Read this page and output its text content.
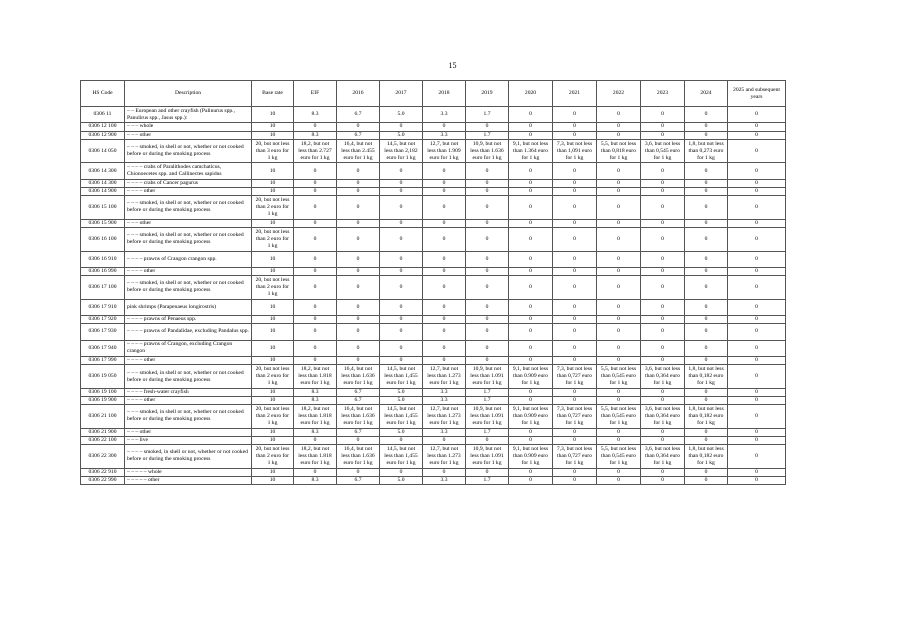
15
HS Code	Description	Base rate	EIF	2016	2017	2018	2019	2020	2021	2022	2023	2024	2025 and subsequent years
0306 11	– – European and other crayfish (Palinurus spp., Panulirus spp., Jasus spp.):	10	8.3	6.7	5.0	3.3	1.7	0	0	0	0	0	0
0306 12 100	– – – whole	10	0	0	0	0	0	0	0	0	0	0	0
0306 12 900	– – – other	10	8.3	6.7	5.0	3.3	1.7	0	0	0	0	0	0
0306 14 050	– – – smoked, in shell or not, whether or not cooked before or during the smoking process	20, but not less than 3 euro for 1 kg	18,2, but not less than 2.727 euro for 1 kg	16,4, but not less than 2.455 euro for 1 kg	14,5, but not less than 2,182 euro for 1 kg	12,7, but not less than 1.909 euro for 1 kg	10,9, but not less than 1.636 euro for 1 kg	9,1, but not less than 1.364 euro for 1 kg	7,3, but not less than 1,091 euro for 1 kg	5,5, but not less than 0,818 euro for 1 kg	3,6, but not less than 0,545 euro for 1 kg	1,8, but not less than 0,273 euro for 1 kg	0
0306 14 300	– – – – crabs of Paralithodes camchaticus, Chionoecetes spp. and Callinectes sapidus	10	0	0	0	0	0	0	0	0	0	0	0
0306 14 300	– – – – crabs of Cancer pagurus	10	0	0	0	0	0	0	0	0	0	0	0
0306 14 900	– – – – other	10	0	0	0	0	0	0	0	0	0	0	0
0306 15 100	– – – smoked, in shell or not, whether or not cooked before or during the smoking process	20, but not less than 2 euro for 1 kg	0	0	0	0	0	0	0	0	0	0	0
0306 15 900	– – – other	10	0	0	0	0	0	0	0	0	0	0	0
0306 16 100	– – – smoked, in shell or not, whether or not cooked before or during the smoking process	20, but not less than 2 euro for 1 kg	0	0	0	0	0	0	0	0	0	0	0
0306 16 910	– – – – prawns of Crangon crangon spp.	10	0	0	0	0	0	0	0	0	0	0	0
0306 16 990	– – – – other	10	0	0	0	0	0	0	0	0	0	0	0
0306 17 100	– – – smoked, in shell or not, whether or not cooked before or during the smoking process	20, but not less than 2 euro for 1 kg	0	0	0	0	0	0	0	0	0	0	0
0306 17 910	pink shrimps (Parapenaeus longirostris)	10	0	0	0	0	0	0	0	0	0	0	0
0306 17 920	– – – – prawns of Penaeus spp.	10	0	0	0	0	0	0	0	0	0	0	0
0306 17 930	– – – – prawns of Pandalidae, excluding Pandalus spp.	10	0	0	0	0	0	0	0	0	0	0	0
0306 17 940	– – – – prawns of Crangon, excluding Crangon crangon	10	0	0	0	0	0	0	0	0	0	0	0
0306 17 990	– – – – other	10	0	0	0	0	0	0	0	0	0	0	0
0306 19 050	– – – smoked, in shell or not, whether or not cooked before or during the smoking process	20, but not less than 2 euro for 1 kg	18,2, but not less than 1.818 euro for 1 kg	16,4, but not less than 1.636 euro for 1 kg	14,5, but not less than 1,455 euro for 1 kg	12,7, but not less than 1.273 euro for 1 kg	10,9, but not less than 1.091 euro for 1 kg	9,1, but not less than 0.909 euro for 1 kg	7,3, but not less than 0,727 euro for 1 kg	5,5, but not less than 0,545 euro for 1 kg	3,6, but not less than 0,364 euro for 1 kg	1,8, but not less than 0,182 euro for 1 kg	0
0306 19 100	– – – – fresh-water crayfish	10	8.3	6.7	5.0	3.3	1.7	0	0	0	0	0	0
0306 19 900	– – – – other	10	8.3	6.7	5.0	3.3	1.7	0	0	0	0	0	0
0306 21 100	– – – smoked, in shell or not, whether or not cooked before or during the smoking process	20, but not less than 2 euro for 1 kg	18,2, but not less than 1.818 euro for 1 kg	16,4, but not less than 1.636 euro for 1 kg	14,5, but not less than 1,455 euro for 1 kg	12,7, but not less than 1.273 euro for 1 kg	10,9, but not less than 1.091 euro for 1 kg	9,1, but not less than 0.909 euro for 1 kg	7,3, but not less than 0,727 euro for 1 kg	5,5, but not less than 0,545 euro for 1 kg	3,6, but not less than 0,364 euro for 1 kg	1,8, but not less than 0,182 euro for 1 kg	0
0306 21 900	– – – other	10	8.3	6.7	5.0	3.3	1.7	0	0	0	0	0	0
0306 22 100	– – – live	10	0	0	0	0	0	0	0	0	0	0	0
0306 22 300	– – – – smoked, in shell or not, whether or not cooked before or during the smoking process	20, but not less than 2 euro for 1 kg	18,2, but not less than 1.818 euro for 1 kg	16,4, but not less than 1.636 euro for 1 kg	14,5, but not less than 1,455 euro for 1 kg	12,7, but not less than 1.273 euro for 1 kg	10,9, but not less than 1.091 euro for 1 kg	9,1, but not less than 0.909 euro for 1 kg	7,3, but not less than 0,727 euro for 1 kg	5,5, but not less than 0,545 euro for 1 kg	3,6, but not less than 0,364 euro for 1 kg	1,8, but not less than 0,182 euro for 1 kg	0
0306 22 910	– – – – – whole	10	0	0	0	0	0	0	0	0	0	0	0
0306 22 990	– – – – – other	10	8.3	6.7	5.0	3.3	1.7	0	0	0	0	0	0
